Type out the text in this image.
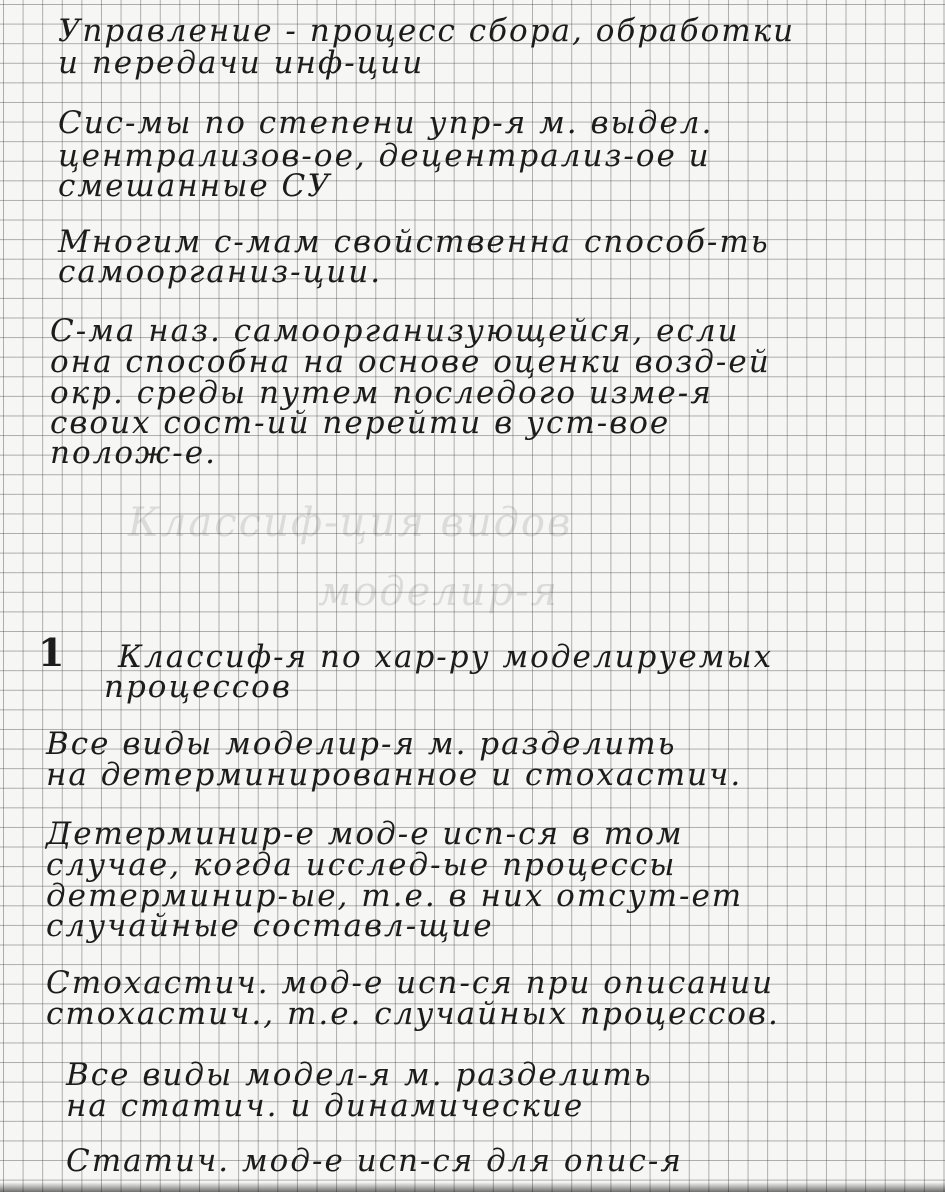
Управление - процесс сбора, обработки
и передачи инф-ции
Сис-мы по степени упр-я м. выдел.
централизов-ое, децентрализ-ое и
смешанные СУ
Многим с-мам свойственна способ-ть
самоорганиз-ции.
С-ма наз. самоорганизующейся, если
она способна на основе оценки возд-ей
окр. среды путем последого изме-я
своих сост-ий перейти в уст-вое
полож-е.
Классиф-ция видов
моделир-я
1 Классиф-я по хар-ру моделируемых
процессов
Все виды моделир-я м. разделить
на детерминированное и стохастич.
Детерминир-е мод-е исп-ся в том
случае, когда исслед-ые процессы
детерминир-ые, т.е. в них отсут-ет
случайные составл-щие
Стохастич. мод-е исп-ся при описании
стохастич., т.е. случайных процессов.
Все виды модел-я м. разделить
на статич. и динамические
Статич. мод-е исп-ся для опис-я
